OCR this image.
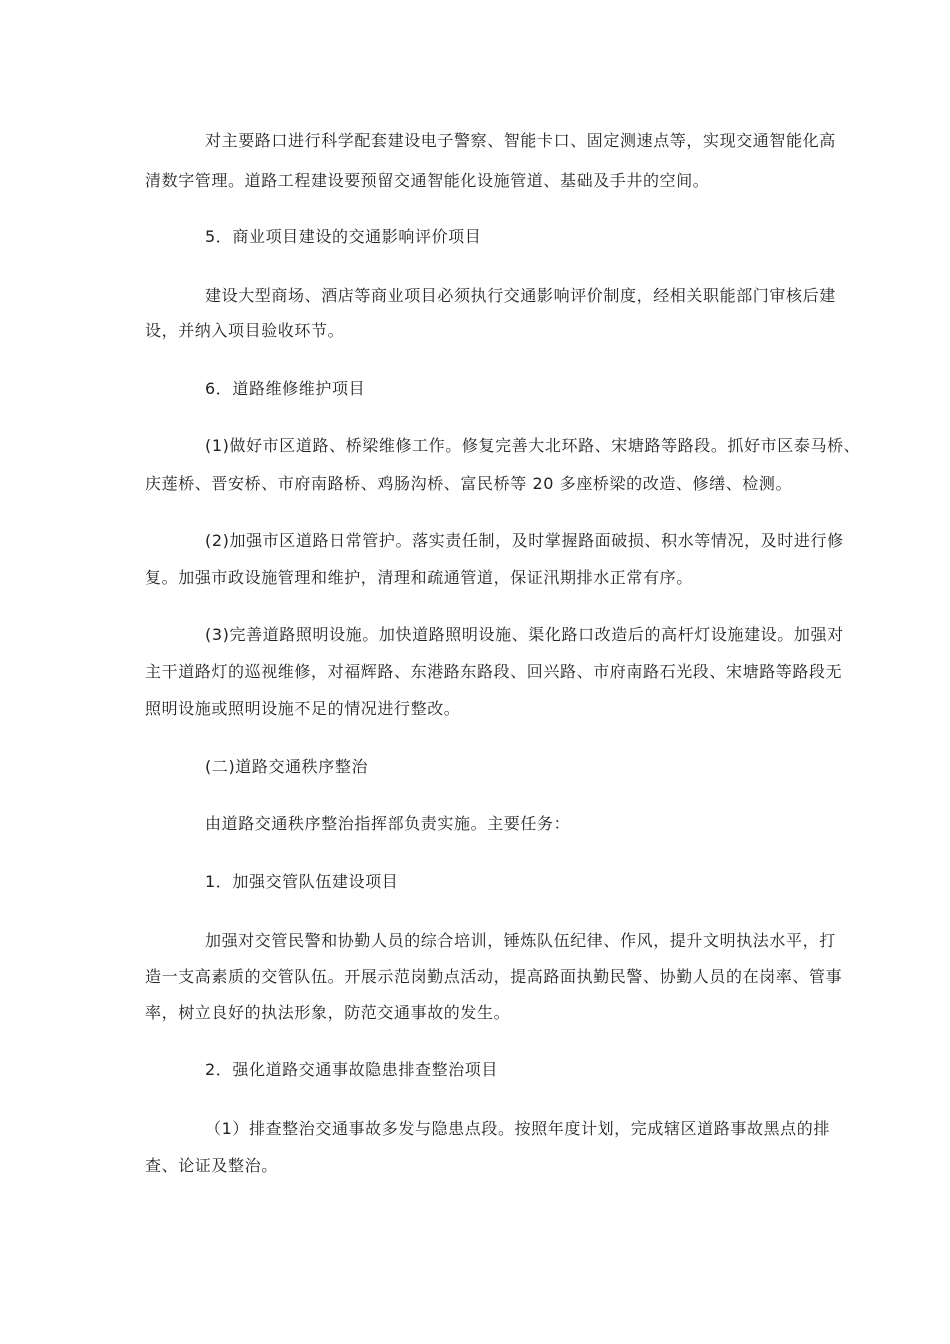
对主要路口进行科学配套建设电子警察、智能卡口、固定测速点等，实现交通智能化高
清数字管理。道路工程建设要预留交通智能化设施管道、基础及手井的空间。
5．商业项目建设的交通影响评价项目
建设大型商场、酒店等商业项目必须执行交通影响评价制度，经相关职能部门审核后建
设，并纳入项目验收环节。
6．道路维修维护项目
(1)做好市区道路、桥梁维修工作。修复完善大北环路、宋塘路等路段。抓好市区泰马桥、
庆莲桥、晋安桥、市府南路桥、鸡肠沟桥、富民桥等 20 多座桥梁的改造、修缮、检测。
(2)加强市区道路日常管护。落实责任制，及时掌握路面破损、积水等情况，及时进行修
复。加强市政设施管理和维护，清理和疏通管道，保证汛期排水正常有序。
(3)完善道路照明设施。加快道路照明设施、渠化路口改造后的高杆灯设施建设。加强对
主干道路灯的巡视维修，对福辉路、东港路东路段、回兴路、市府南路石光段、宋塘路等路段无
照明设施或照明设施不足的情况进行整改。
(二)道路交通秩序整治
由道路交通秩序整治指挥部负责实施。主要任务：
1．加强交管队伍建设项目
加强对交管民警和协勤人员的综合培训，锤炼队伍纪律、作风，提升文明执法水平，打
造一支高素质的交管队伍。开展示范岗勤点活动，提高路面执勤民警、协勤人员的在岗率、管事
率，树立良好的执法形象，防范交通事故的发生。
2．强化道路交通事故隐患排查整治项目
（1）排查整治交通事故多发与隐患点段。按照年度计划，完成辖区道路事故黑点的排
查、论证及整治。
